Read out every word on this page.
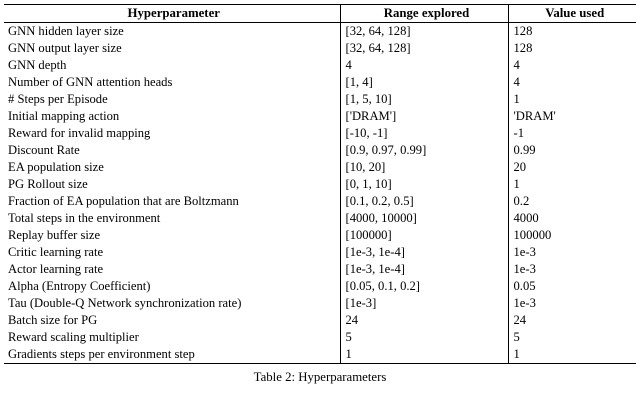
Hyperparameter	Range explored	Value used
GNN hidden layer size	[32, 64, 128]	128
GNN output layer size	[32, 64, 128]	128
GNN depth	4	4
Number of GNN attention heads	[1, 4]	4
# Steps per Episode	[1, 5, 10]	1
Initial mapping action	['DRAM']	'DRAM'
Reward for invalid mapping	[-10, -1]	-1
Discount Rate	[0.9, 0.97, 0.99]	0.99
EA population size	[10, 20]	20
PG Rollout size	[0, 1, 10]	1
Fraction of EA population that are Boltzmann	[0.1, 0.2, 0.5]	0.2
Total steps in the environment	[4000, 10000]	4000
Replay buffer size	[100000]	100000
Critic learning rate	[1e-3, 1e-4]	1e-3
Actor learning rate	[1e-3, 1e-4]	1e-3
Alpha (Entropy Coefficient)	[0.05, 0.1, 0.2]	0.05
Tau (Double-Q Network synchronization rate)	[1e-3]	1e-3
Batch size for PG	24	24
Reward scaling multiplier	5	5
Gradients steps per environment step	1	1
Table 2: Hyperparameters
